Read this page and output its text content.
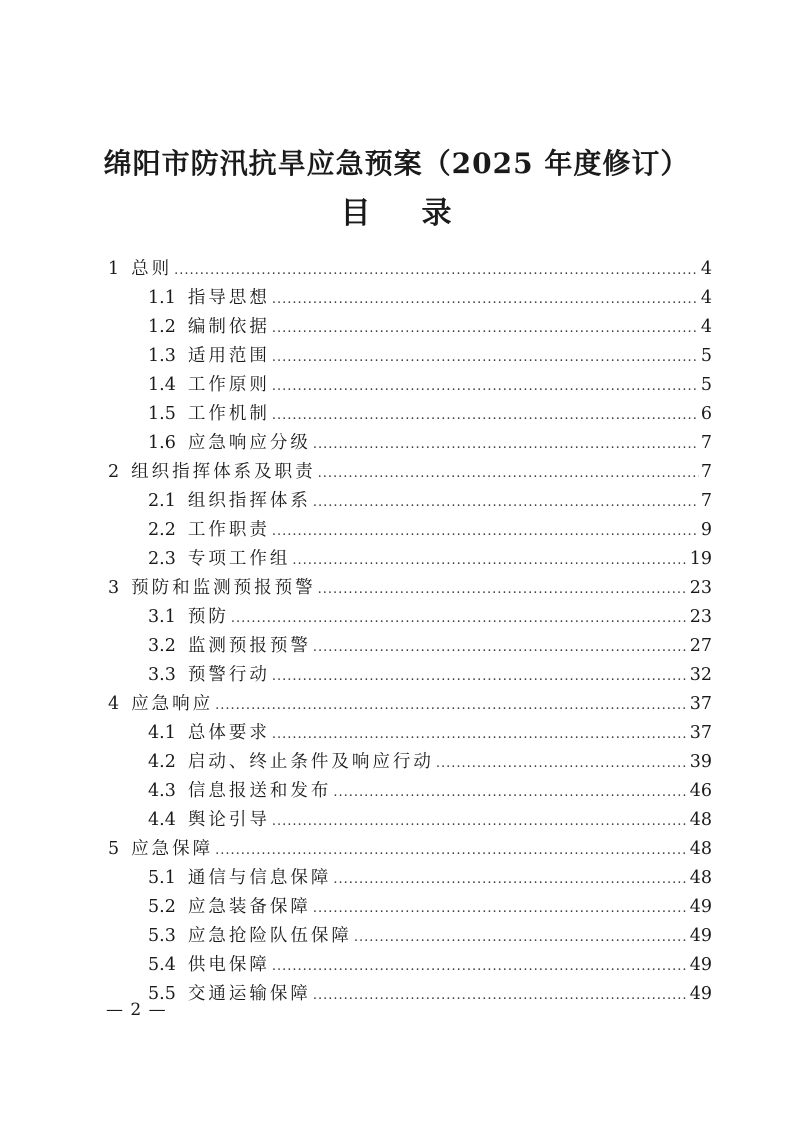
绵阳市防汛抗旱应急预案（2025 年度修订）
目 录
1 总则 .....	4
1.1 指导思想 .....	4
1.2 编制依据 .....	4
1.3 适用范围 .....	5
1.4 工作原则 .....	5
1.5 工作机制 .....	6
1.6 应急响应分级 .....	7
2 组织指挥体系及职责 .....	7
2.1 组织指挥体系 .....	7
2.2 工作职责 .....	9
2.3 专项工作组 .....	19
3 预防和监测预报预警 .....	23
3.1 预防 .....	23
3.2 监测预报预警 .....	27
3.3 预警行动 .....	32
4 应急响应 .....	37
4.1 总体要求 .....	37
4.2 启动、终止条件及响应行动 .....	39
4.3 信息报送和发布 .....	46
4.4 舆论引导 .....	48
5 应急保障 .....	48
5.1 通信与信息保障 .....	48
5.2 应急装备保障 .....	49
5.3 应急抢险队伍保障 .....	49
5.4 供电保障 .....	49
5.5 交通运输保障 .....	49
— 2 —
